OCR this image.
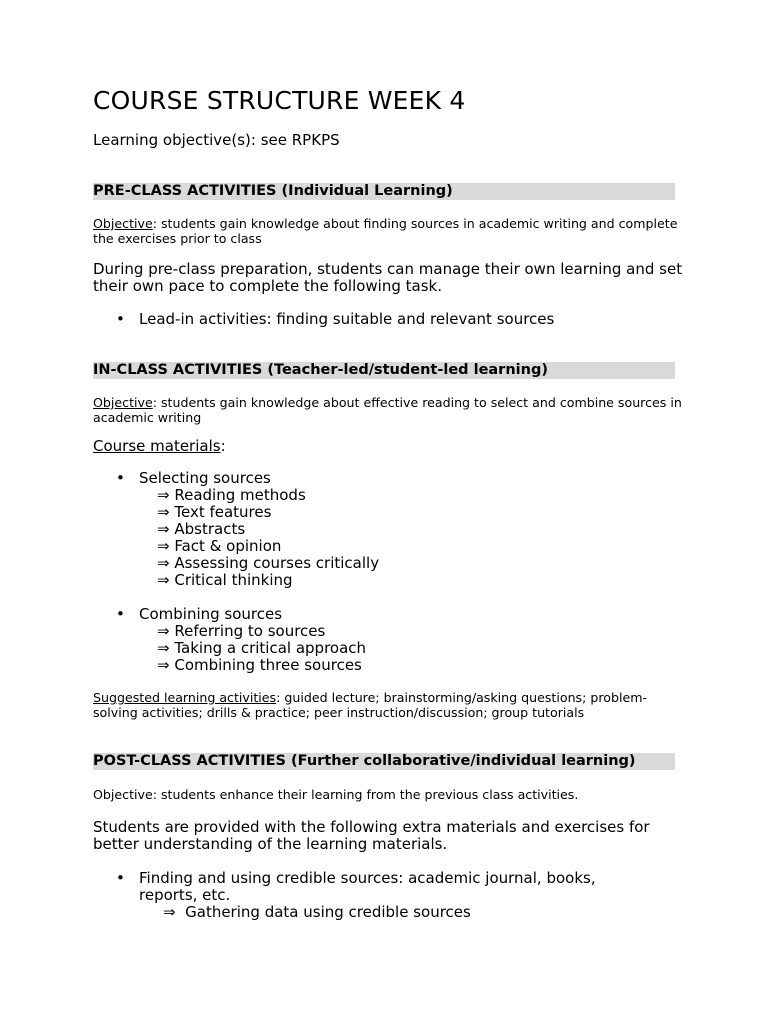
COURSE STRUCTURE WEEK 4
Learning objective(s): see RPKPS
PRE-CLASS ACTIVITIES (Individual Learning)
Objective: students gain knowledge about finding sources in academic writing and complete the exercises prior to class
During pre-class preparation, students can manage their own learning and set their own pace to complete the following task.
• Lead-in activities: finding suitable and relevant sources
IN-CLASS ACTIVITIES (Teacher-led/student-led learning)
Objective: students gain knowledge about effective reading to select and combine sources in academic writing
Course materials:
• Selecting sources
⇒ Reading methods
⇒ Text features
⇒ Abstracts
⇒ Fact & opinion
⇒ Assessing courses critically
⇒ Critical thinking
• Combining sources
⇒ Referring to sources
⇒ Taking a critical approach
⇒ Combining three sources
Suggested learning activities: guided lecture; brainstorming/asking questions; problem-solving activities; drills & practice; peer instruction/discussion; group tutorials
POST-CLASS ACTIVITIES (Further collaborative/individual learning)
Objective: students enhance their learning from the previous class activities.
Students are provided with the following extra materials and exercises for better understanding of the learning materials.
• Finding and using credible sources: academic journal, books, reports, etc.
⇒ Gathering data using credible sources
